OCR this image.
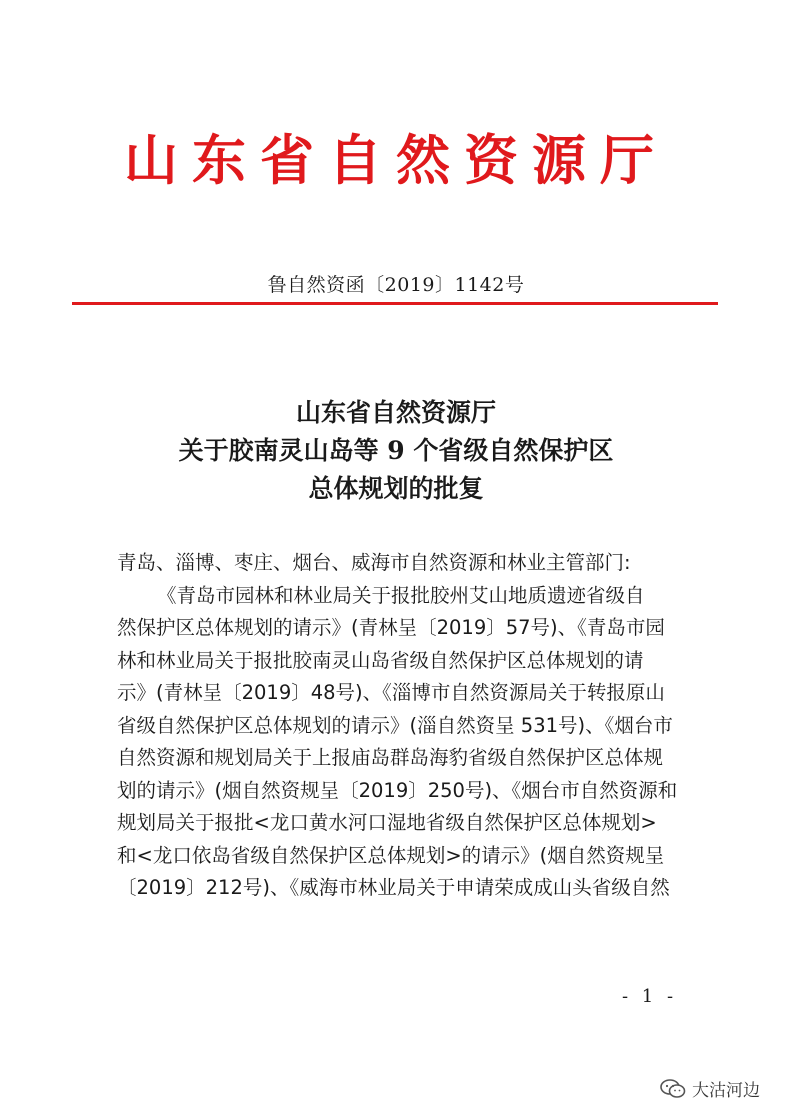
山东省自然资源厅
鲁自然资函〔2019〕1142号
山东省自然资源厅
关于胶南灵山岛等 9 个省级自然保护区
总体规划的批复
青岛、淄博、枣庄、烟台、威海市自然资源和林业主管部门:
《青岛市园林和林业局关于报批胶州艾山地质遗迹省级自
然保护区总体规划的请示》(青林呈〔2019〕57号)、《青岛市园
林和林业局关于报批胶南灵山岛省级自然保护区总体规划的请
示》(青林呈〔2019〕48号)、《淄博市自然资源局关于转报原山
省级自然保护区总体规划的请示》(淄自然资呈 531号)、《烟台市
自然资源和规划局关于上报庙岛群岛海豹省级自然保护区总体规
划的请示》(烟自然资规呈〔2019〕250号)、《烟台市自然资源和
规划局关于报批<龙口黄水河口湿地省级自然保护区总体规划>
和<龙口依岛省级自然保护区总体规划>的请示》(烟自然资规呈
〔2019〕212号)、《威海市林业局关于申请荣成成山头省级自然
- 1 -
大沽河边
